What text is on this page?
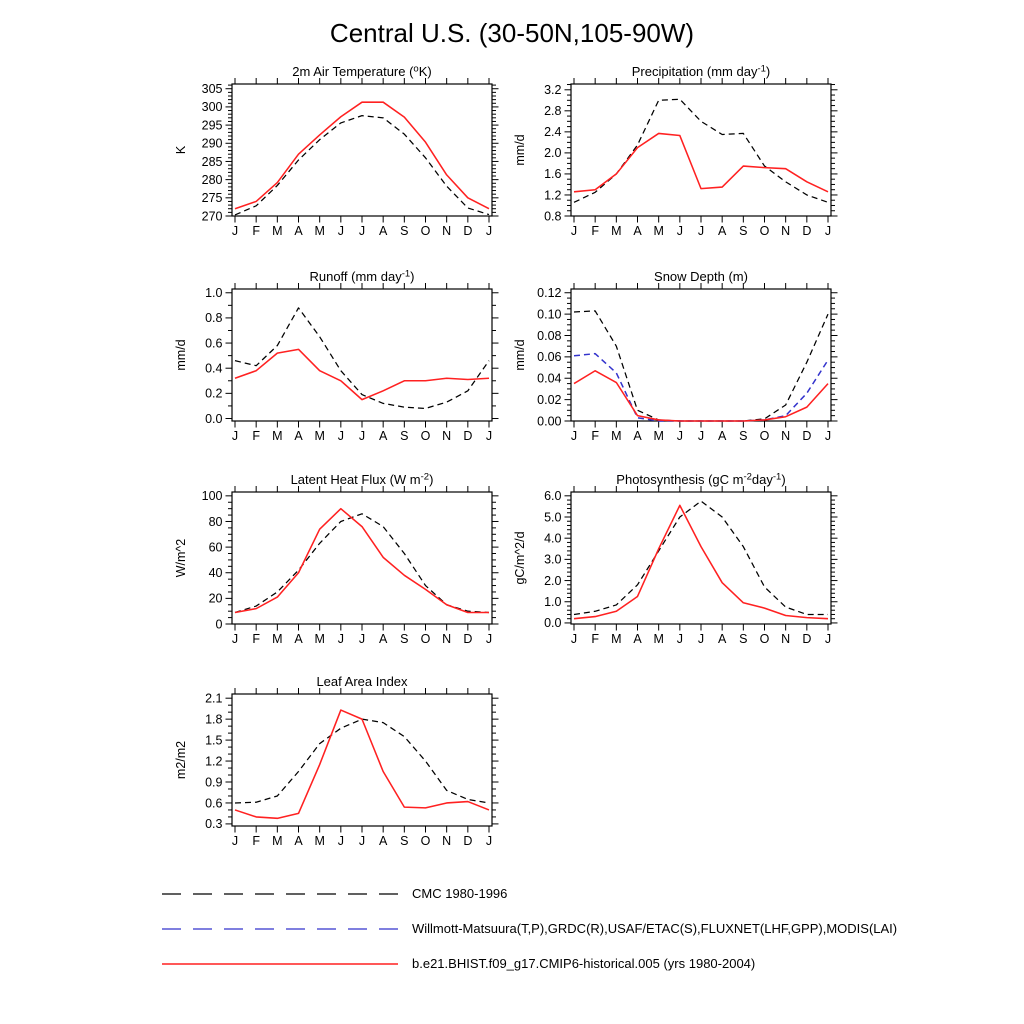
Central U.S. (30-50N,105-90W)
J F M A M J J A S O N D J
270
275
280
285
290
295
300
305
K
2m Air Temperature ($^o$K)
J F M A M J J A S O N D J
0.8
1.2
1.6
2.0
2.4
2.8
3.2
mm/d
Precipitation (mm day$^{-1}$)
J F M A M J J A S O N D J
0.0
0.2
0.4
0.6
0.8
1.0
mm/d
Runoff (mm day$^{-1}$)
J F M A M J J A S O N D J
0.00
0.02
0.04
0.06
0.08
0.10
0.12
mm/d
Snow Depth (m)
J F M A M J J A S O N D J
0
20
40
60
80
100
W/m^2
Latent Heat Flux (W $m^{-2}$)
J F M A M J J A S O N D J
0.0
1.0
2.0
3.0
4.0
5.0
6.0
gC/m^2/d
Photosynthesis (gC $m^{-2}day^{-1}$)
J F M A M J J A S O N D J
0.3
0.6
0.9
1.2
1.5
1.8
2.1
m2/m2
Leaf Area Index
CMC 1980-1996
Willmott-Matsuura(T,P),GRDC(R),USAF/ETAC(S),FLUXNET(LHF,GPP),MODIS(LAI)
b.e21.BHIST.f09_g17.CMIP6-historical.005 (yrs 1980-2004)
